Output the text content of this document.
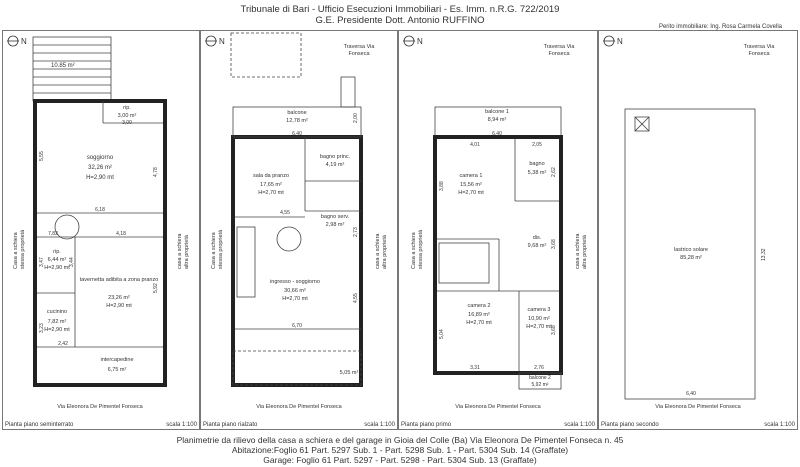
Tribunale di Bari - Ufficio Esecuzioni Immobiliari - Es. Imm. n.R.G. 722/2019
G.E. Presidente Dott. Antonio RUFFINO
Perito immobiliare: Ing. Rosa Carmela Covella
N
10.85 m²
rip.
3,00 m²
soggiorno
32,26 m²
H=2,90 mt
rip.
6,44 m²
H=2,90 mt
tavernetta adibita a zona pranzo
23,26 m²
H=2,90 mt
cucinino
7,82 m²
H=2,90 mt
intercapedine
6,75 m²
3,00
6,18
7,82	4,18
5,55
4,78
3,47	3,44
5,92
3,23
2,42
Casa a schiera stessa proprietà	casa a schiera altra proprietà
Via Eleonora De Pimentel Fonseca
Pianta piano seminterrato	scala 1:100
N
Traversa Via
Fonseca
balcone
12,78 m²
sala da pranzo
17,65 m²
H=2,70 mt
bagno princ.
4,19 m²
bagno serv.
2,98 m²
ingresso - soggiorno
30,66 m²
H=2,70 mt
5,05 m²
6,40
2,00
4,55
2,73
4,55
6,70
Casa a schiera stessa proprietà	casa a schiera altra proprietà
Via Eleonora De Pimentel Fonseca
Pianta piano rialzato	scala 1:100
N
Traversa Via
Fonseca
balcone 1
8,94 m²
bagno
5,38 m²
camera 1
15,56 m²
H=2,70 mt
dis.
9,68 m²
camera 2
16,89 m²
H=2,70 mt
camera 3
10,90 m²
H=2,70 mt
balcone 2
5,92 m²
6,40
4,01	2,05
3,88
2,62
3,68
5,04	3,68
3,31	2,76
Casa a schiera stessa proprietà	casa a schiera altra proprietà
Via Eleonora De Pimentel Fonseca
Pianta piano primo	scala 1:100
N
Traversa Via
Fonseca
lastrico solare
85,28 m²
6,40
13,32
Via Eleonora De Pimentel Fonseca
Pianta piano secondo	scala 1:100
Planimetrie da rilievo della casa a schiera e del garage in Gioia del Colle (Ba) Via Eleonora De Pimentel Fonseca n. 45
Abitazione:Foglio 61 Part. 5297 Sub. 1 - Part. 5298 Sub. 1 - Part. 5304 Sub. 14 (Graffate)
Garage: Foglio 61 Part. 5297 - Part. 5298 - Part. 5304 Sub. 13 (Graffate)
